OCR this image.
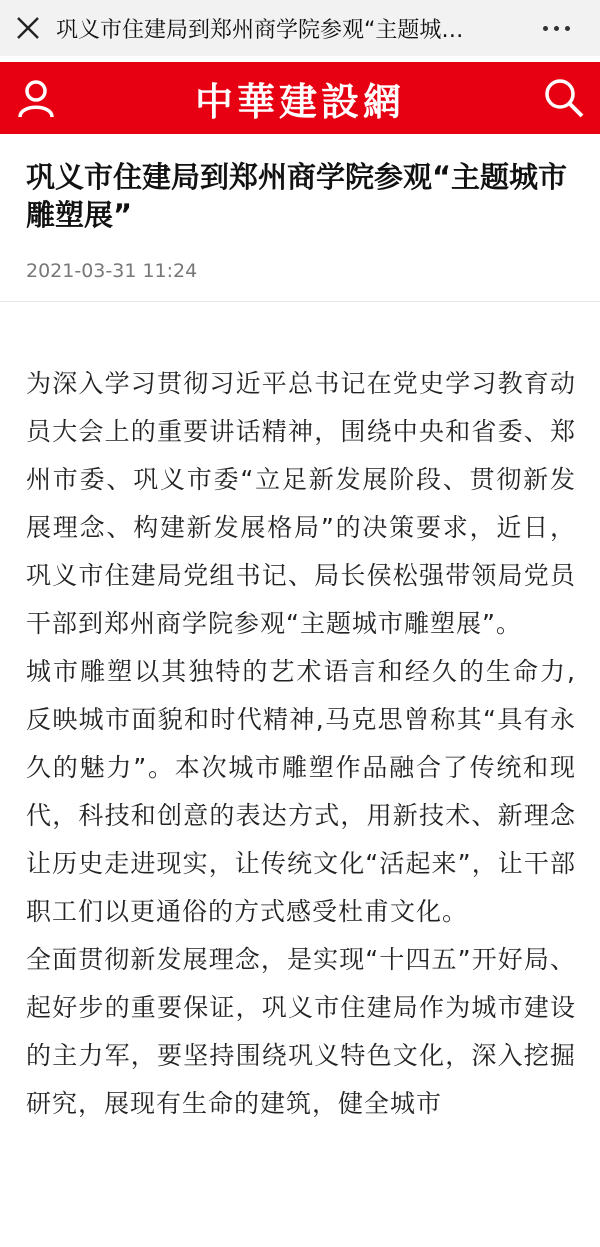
巩义市住建局到郑州商学院参观“主题城…
中華建設網
巩义市住建局到郑州商学院参观“主题城市雕塑展”
2021-03-31 11:24

为深入学习贯彻习近平总书记在党史学习教育动员大会上的重要讲话精神，围绕中央和省委、郑州市委、巩义市委“立足新发展阶段、贯彻新发展理念、构建新发展格局”的决策要求，近日，巩义市住建局党组书记、局长侯松强带领局党员干部到郑州商学院参观“主题城市雕塑展”。

城市雕塑以其独特的艺术语言和经久的生命力,反映城市面貌和时代精神,马克思曾称其“具有永久的魅力”。本次城市雕塑作品融合了传统和现代，科技和创意的表达方式，用新技术、新理念让历史走进现实，让传统文化“活起来”，让干部职工们以更通俗的方式感受杜甫文化。

全面贯彻新发展理念，是实现“十四五”开好局、起好步的重要保证，巩义市住建局作为城市建设的主力军，要坚持围绕巩义特色文化，深入挖掘研究，展现有生命的建筑，健全城市
